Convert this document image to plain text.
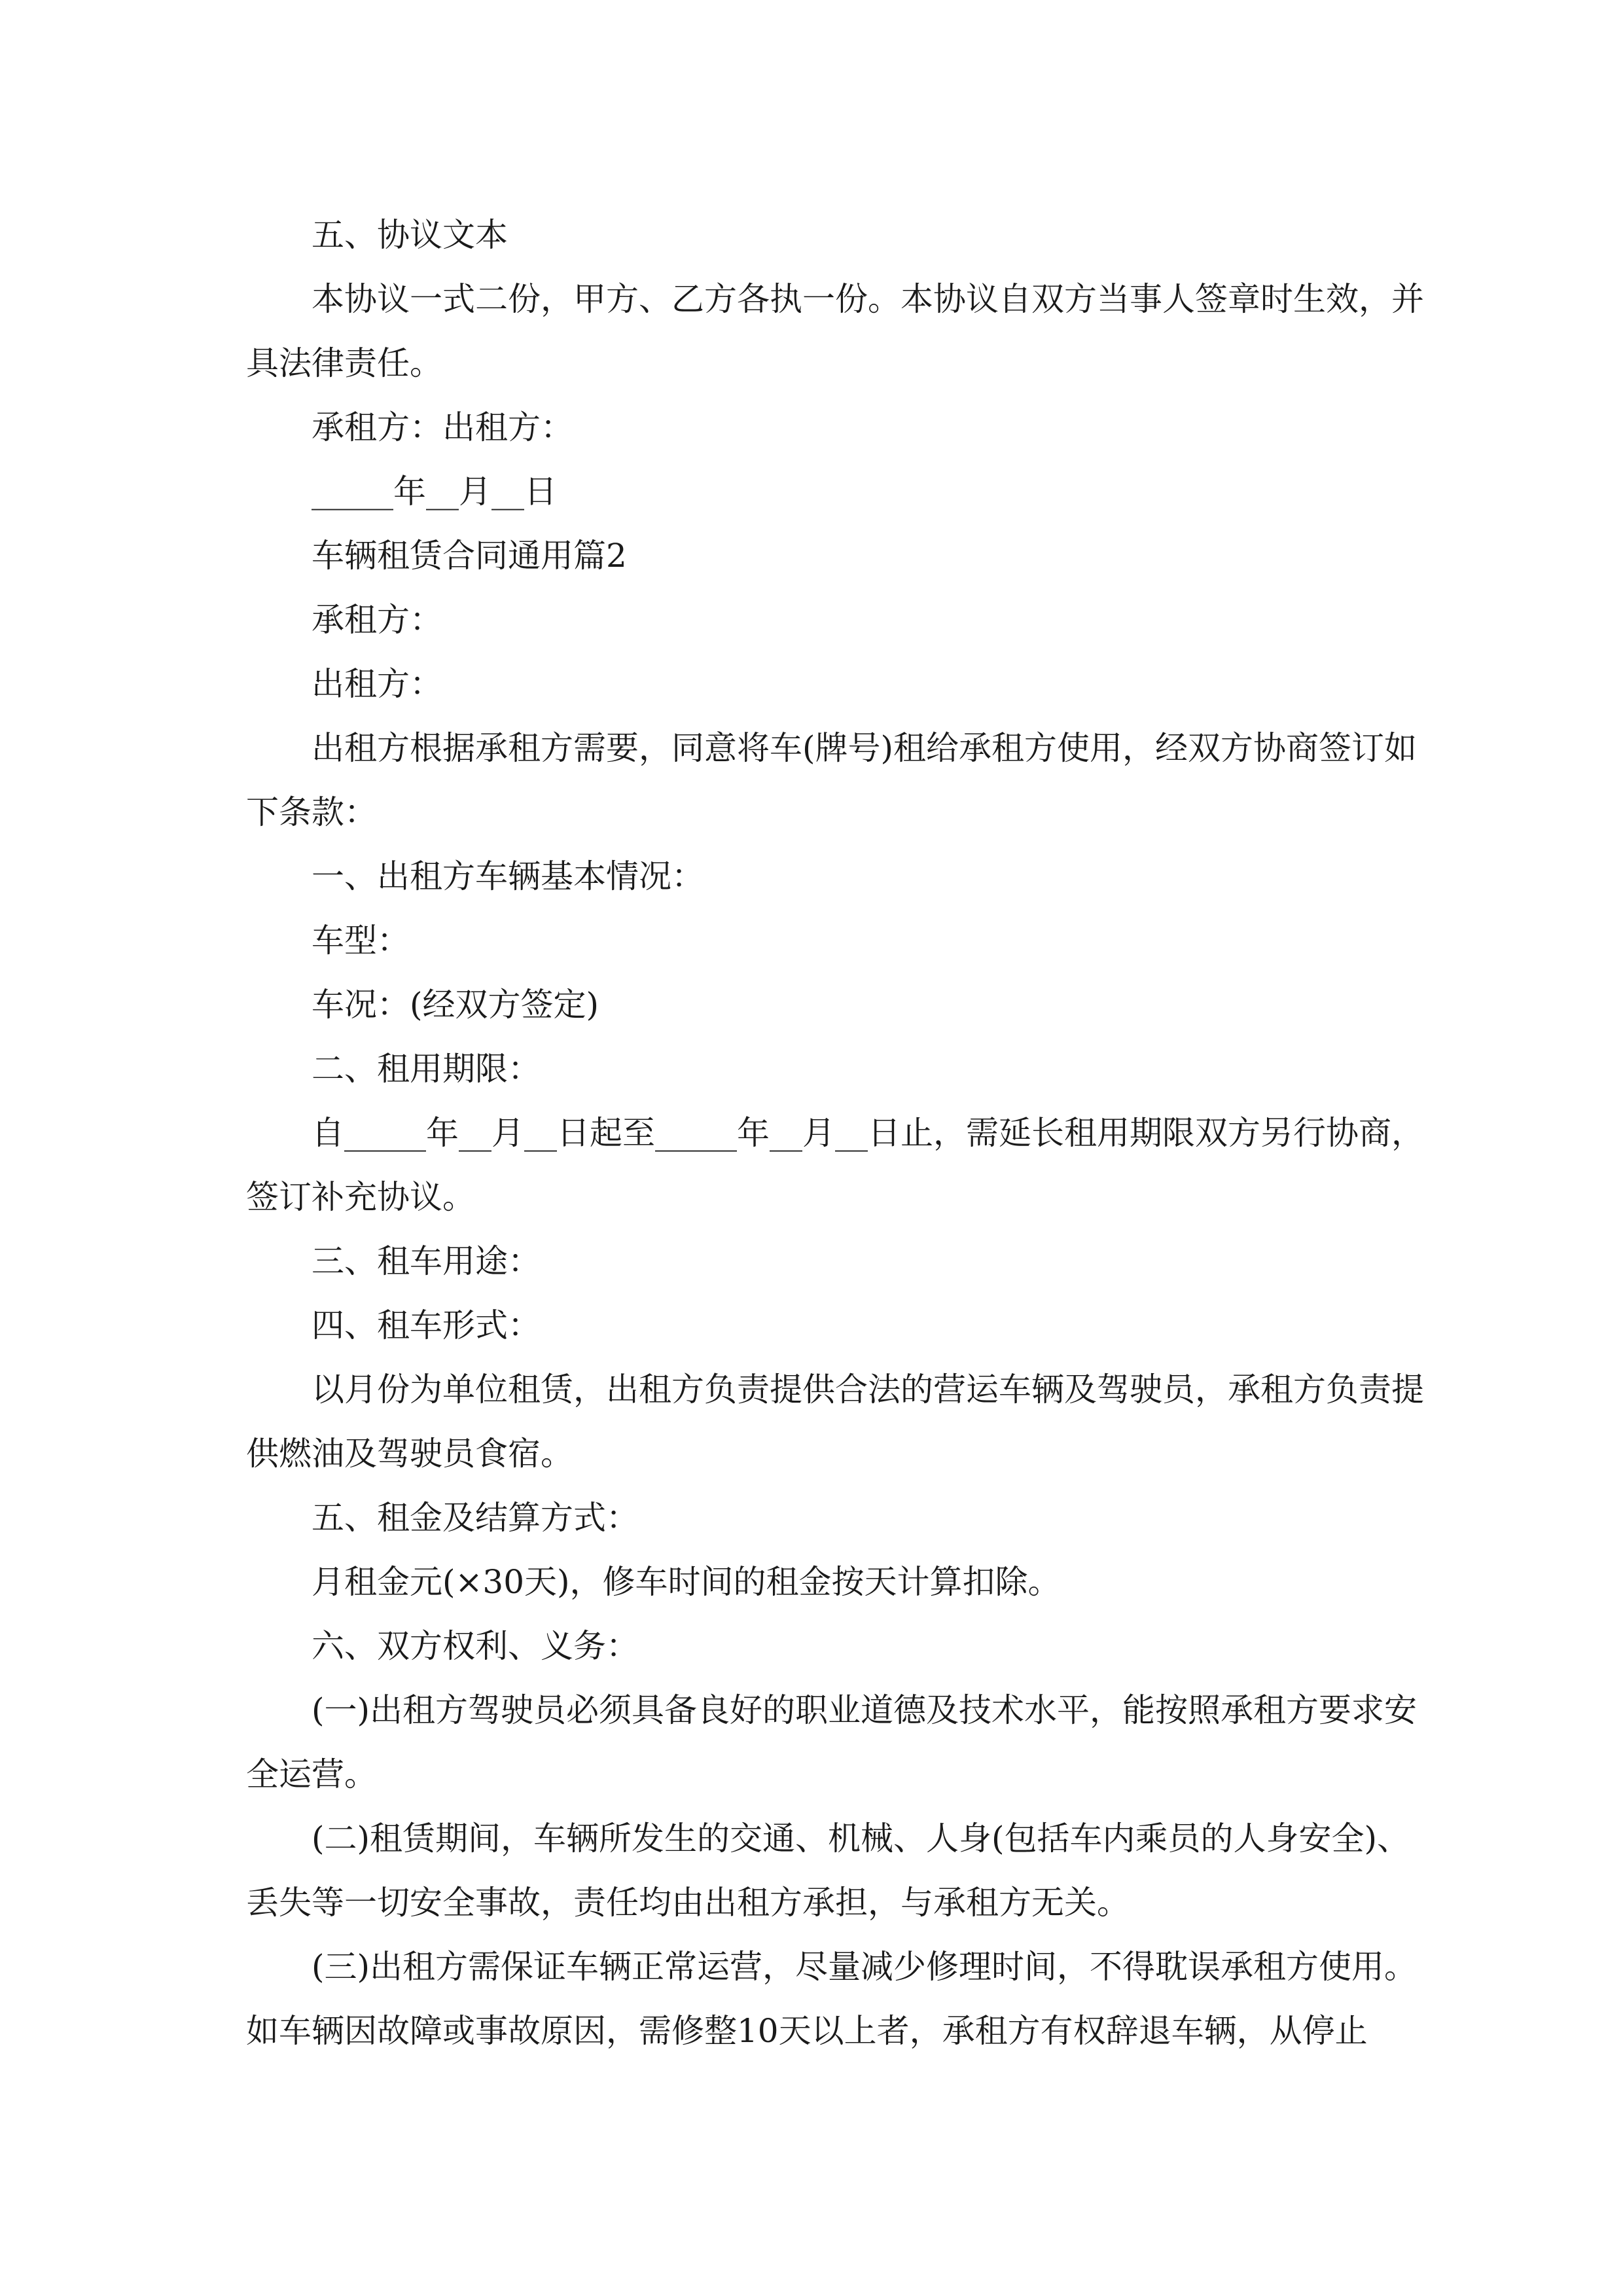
五、协议文本

本协议一式二份，甲方、乙方各执一份。本协议自双方当事人签章时生效，并具法律责任。

承租方：出租方：

_____年__月__日

车辆租赁合同通用篇2

承租方：

出租方：

出租方根据承租方需要，同意将车(牌号)租给承租方使用，经双方协商签订如下条款：

一、出租方车辆基本情况：

车型：

车况：(经双方签定)

二、租用期限：

自_____年__月__日起至_____年__月__日止，需延长租用期限双方另行协商，签订补充协议。

三、租车用途：

四、租车形式：

以月份为单位租赁，出租方负责提供合法的营运车辆及驾驶员，承租方负责提供燃油及驾驶员食宿。

五、租金及结算方式：

月租金元(×30天)，修车时间的租金按天计算扣除。

六、双方权利、义务：

(一)出租方驾驶员必须具备良好的职业道德及技术水平，能按照承租方要求安全运营。

(二)租赁期间，车辆所发生的交通、机械、人身(包括车内乘员的人身安全)、丢失等一切安全事故，责任均由出租方承担，与承租方无关。

(三)出租方需保证车辆正常运营，尽量减少修理时间，不得耽误承租方使用。如车辆因故障或事故原因，需修整10天以上者，承租方有权辞退车辆，从停止
